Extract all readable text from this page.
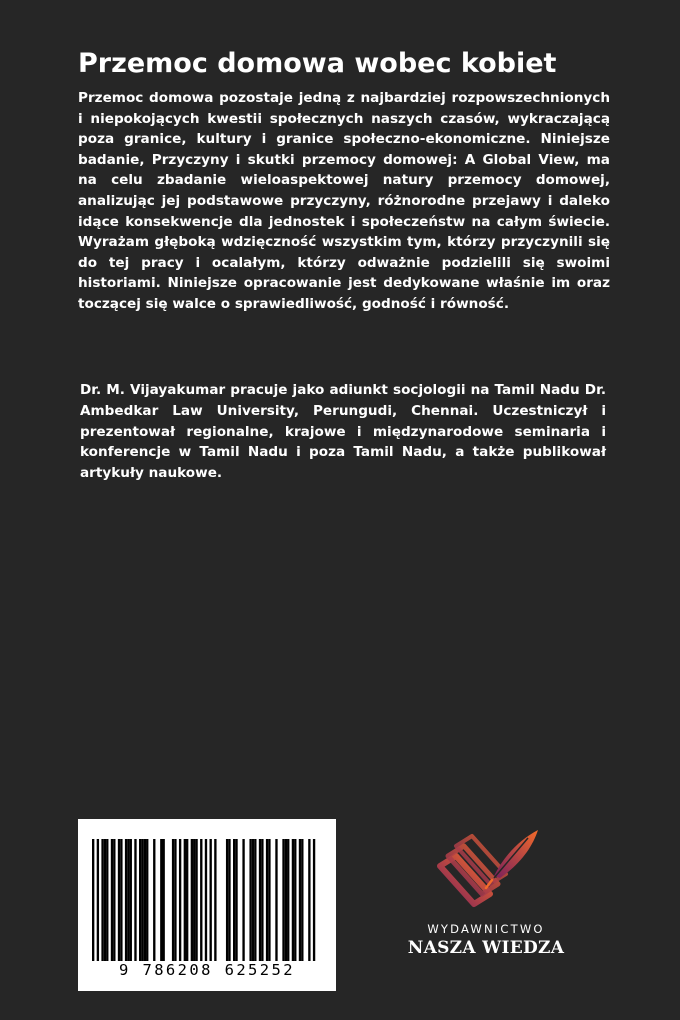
Przemoc domowa wobec kobiet

Przemoc domowa pozostaje jedną z najbardziej rozpowszechnionych i niepokojących kwestii społecznych naszych czasów, wykraczającą poza granice, kultury i granice społeczno-ekonomiczne. Niniejsze badanie, Przyczyny i skutki przemocy domowej: A Global View, ma na celu zbadanie wieloaspektowej natury przemocy domowej, analizując jej podstawowe przyczyny, różnorodne przejawy i daleko idące konsekwencje dla jednostek i społeczeństw na całym świecie. Wyrażam głęboką wdzięczność wszystkim tym, którzy przyczynili się do tej pracy i ocalałym, którzy odważnie podzielili się swoimi historiami. Niniejsze opracowanie jest dedykowane właśnie im oraz toczącej się walce o sprawiedliwość, godność i równość.

Dr. M. Vijayakumar pracuje jako adiunkt socjologii na Tamil Nadu Dr. Ambedkar Law University, Perungudi, Chennai. Uczestniczył i prezentował regionalne, krajowe i międzynarodowe seminaria i konferencje w Tamil Nadu i poza Tamil Nadu, a także publikował artykuły naukowe.

9 786208 625252
WYDAWNICTWO
NASZA WIEDZA
